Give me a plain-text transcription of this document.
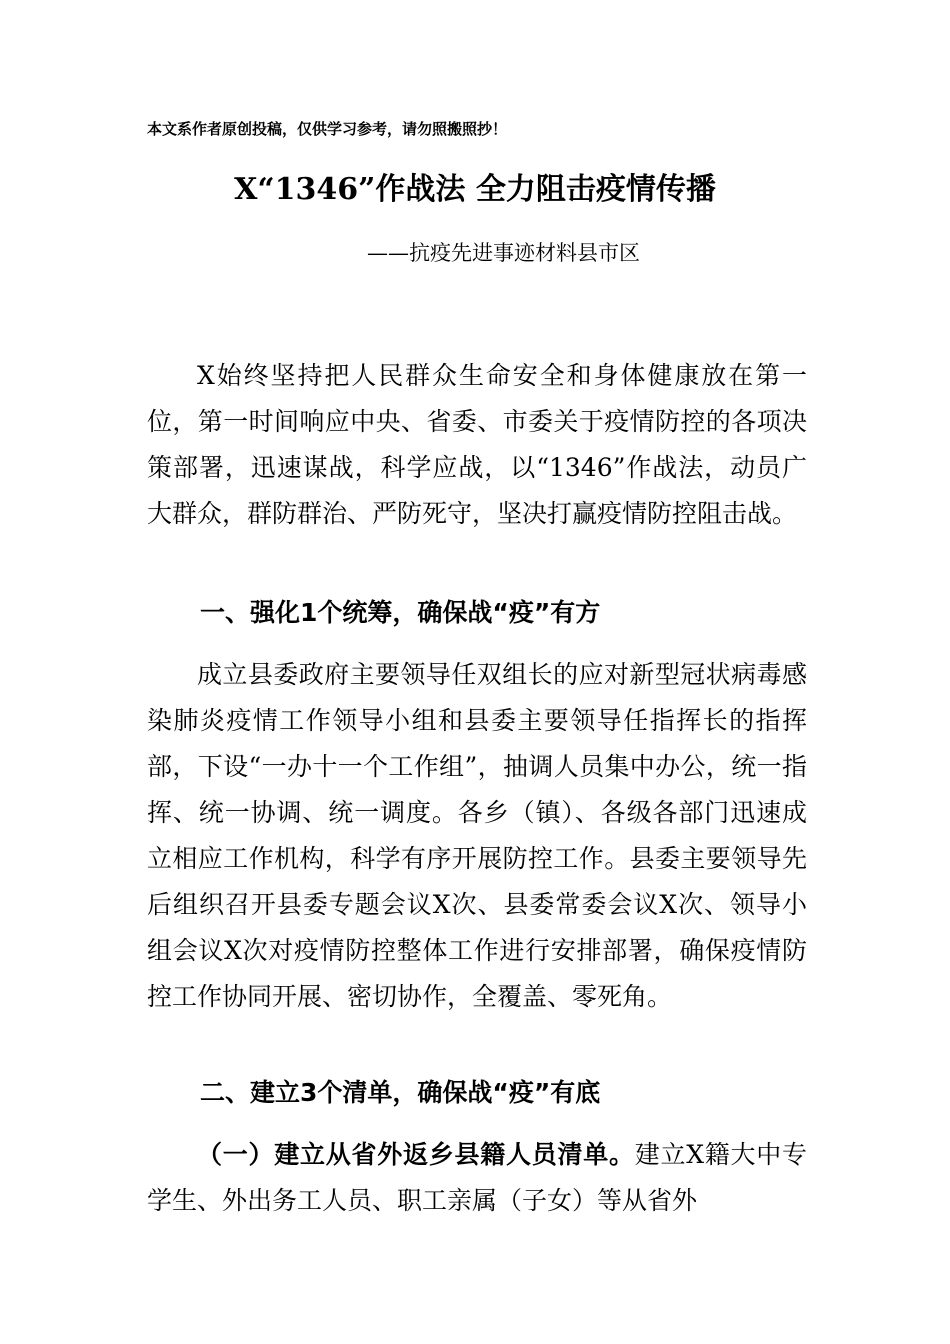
本文系作者原创投稿，仅供学习参考，请勿照搬照抄！
X“1346”作战法 全力阻击疫情传播
——抗疫先进事迹材料县市区

X始终坚持把人民群众生命安全和身体健康放在第一位，第一时间响应中央、省委、市委关于疫情防控的各项决策部署，迅速谋战，科学应战，以“1346”作战法，动员广大群众，群防群治、严防死守，坚决打赢疫情防控阻击战。

一、强化1个统筹，确保战“疫”有方

成立县委政府主要领导任双组长的应对新型冠状病毒感染肺炎疫情工作领导小组和县委主要领导任指挥长的指挥部，下设“一办十一个工作组”，抽调人员集中办公，统一指挥、统一协调、统一调度。各乡（镇）、各级各部门迅速成立相应工作机构，科学有序开展防控工作。县委主要领导先后组织召开县委专题会议X次、县委常委会议X次、领导小组会议X次对疫情防控整体工作进行安排部署，确保疫情防控工作协同开展、密切协作，全覆盖、零死角。

二、建立3个清单，确保战“疫”有底

（一）建立从省外返乡县籍人员清单。建立X籍大中专学生、外出务工人员、职工亲属（子女）等从省外
